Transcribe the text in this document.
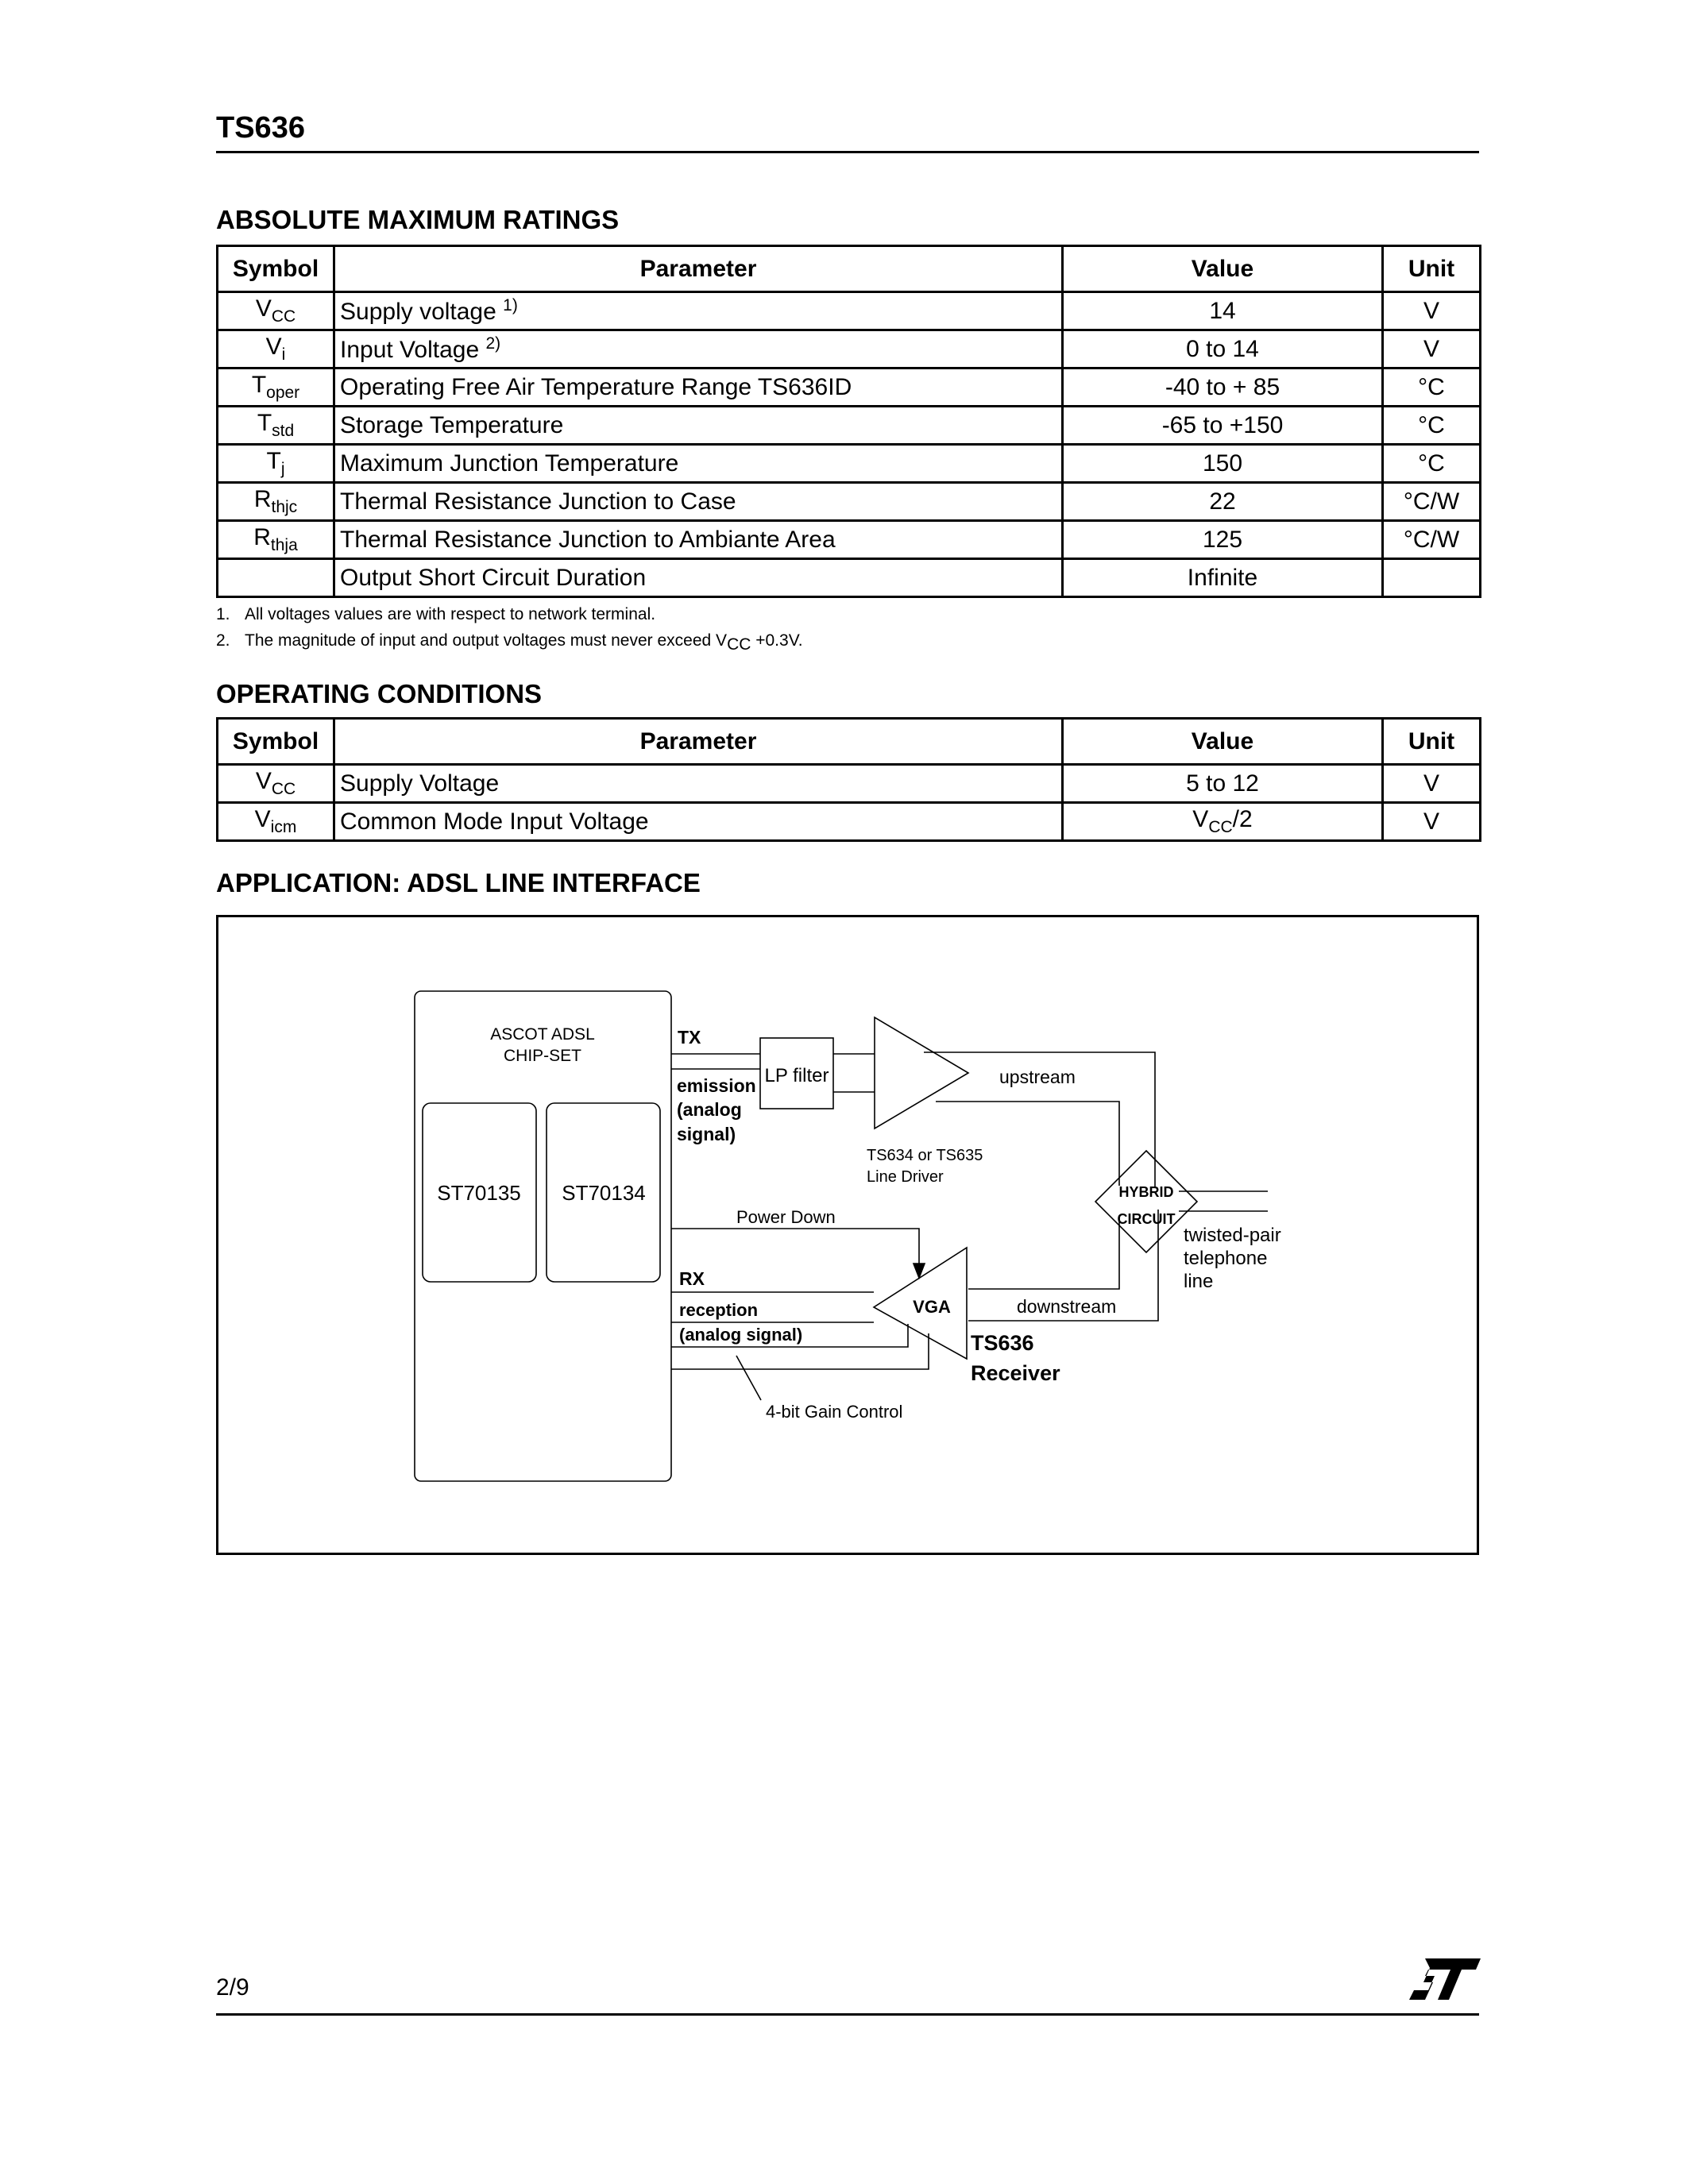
TS636
ABSOLUTE MAXIMUM RATINGS
Symbol	Parameter	Value	Unit
$V_{CC}$	Supply voltage $^{1)}$	14	V
$V_i$	Input Voltage $^{2)}$	0 to 14	V
$T_{oper}$	Operating Free Air Temperature Range TS636ID	-40 to + 85	°C
$T_{std}$	Storage Temperature	-65 to +150	°C
$T_j$	Maximum Junction Temperature	150	°C
$R_{thjc}$	Thermal Resistance Junction to Case	22	°C/W
$R_{thja}$	Thermal Resistance Junction to Ambiante Area	125	°C/W
	Output Short Circuit Duration	Infinite	
1. All voltages values are with respect to network terminal.
2. The magnitude of input and output voltages must never exceed $V_{CC} +0.3V$.
OPERATING CONDITIONS
Symbol	Parameter	Value	Unit
$V_{CC}$	Supply Voltage	5 to 12	V
$V_{icm}$	Common Mode Input Voltage	$V_{CC}/2$	V
APPLICATION: ADSL LINE INTERFACE
ASCOT ADSL
CHIP-SET
ST70135 ST70134
TX
emission
(analog
signal)
LP filter	upstream
TS634 or TS635
Line Driver
HYBRID
CIRCUIT
twisted-pair
telephone
line
Power Down
RX
reception
(analog signal)
VGA	downstream
TS636
Receiver
4-bit Gain Control
2/9
